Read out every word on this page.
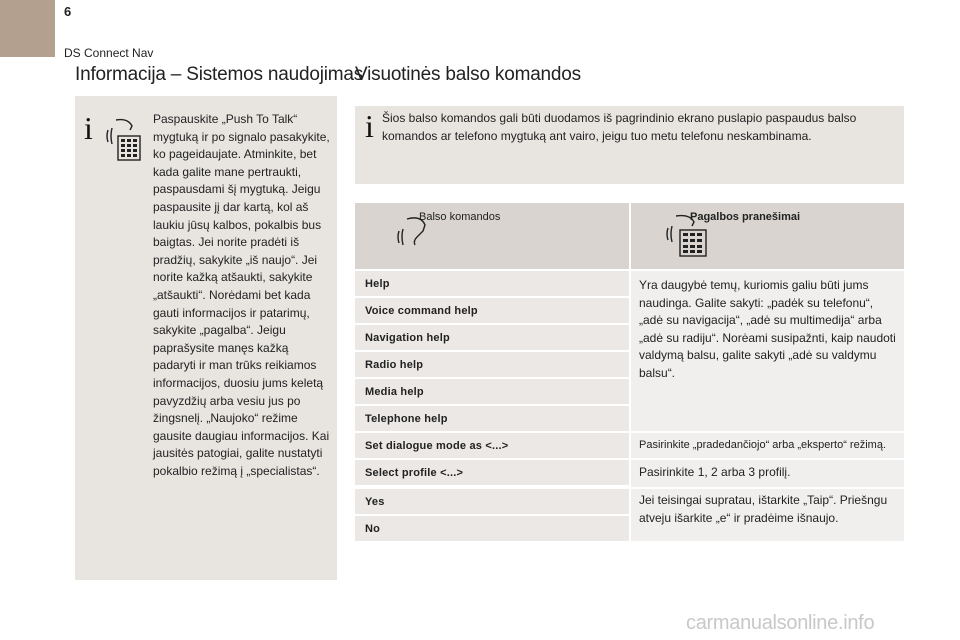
6
DS Connect Nav
Informacija – Sistemos naudojimas
i	Paspauskite „Push To Talk“ mygtuką ir po signalo pasakykite, ko pageidaujate. Atminkite, bet kada galite mane pertraukti, paspausdami šį mygtuką. Jeigu paspausite jį dar kartą, kol aš laukiu jūsų kalbos, pokalbis bus baigtas. Jei norite pradėti iš pradžių, sakykite „iš naujo“. Jei norite kažką atšaukti, sakykite „atšaukti“. Norėdami bet kada gauti informacijos ir patarimų, sakykite „pagalba“. Jeigu paprašysite manęs kažką padaryti ir man trūks reikiamos informacijos, duosiu jums keletą pavyzdžių arba vesiu jus po žingsnelį. „Naujoko“ režime gausite daugiau informacijos. Kai jausitės patogiai, galite nustatyti pokalbio režimą į „specialistas“.
Visuotinės balso komandos
i Šios balso komandos gali būti duodamos iš pagrindinio ekrano puslapio paspaudus balso komandos ar telefono mygtuką ant vairo, jeigu tuo metu telefonu neskambinama.
Balso komandos	Pagalbos pranešimai
Help
Voice command help
Navigation help
Radio help
Media help
Telephone help
Set dialogue mode as <...>
Select profile <...>
Yes
No
Yra daugybė temų, kuriomis galiu būti jums naudinga. Galite sakyti: „padėk su telefonu“, „adė su navigacija“, „adė su multimedija“ arba „adė su radiju“. Norėami susipažnti, kaip naudoti valdymą balsu, galite sakyti „adė su valdymu balsu“.
Pasirinkite „pradedančiojo“ arba „eksperto“ režimą.
Pasirinkite 1, 2 arba 3 profilį.
Jei teisingai supratau, ištarkite „Taip“. Priešngu atveju išarkite „e“ ir pradėime išnaujo.
carmanualsonline.info
